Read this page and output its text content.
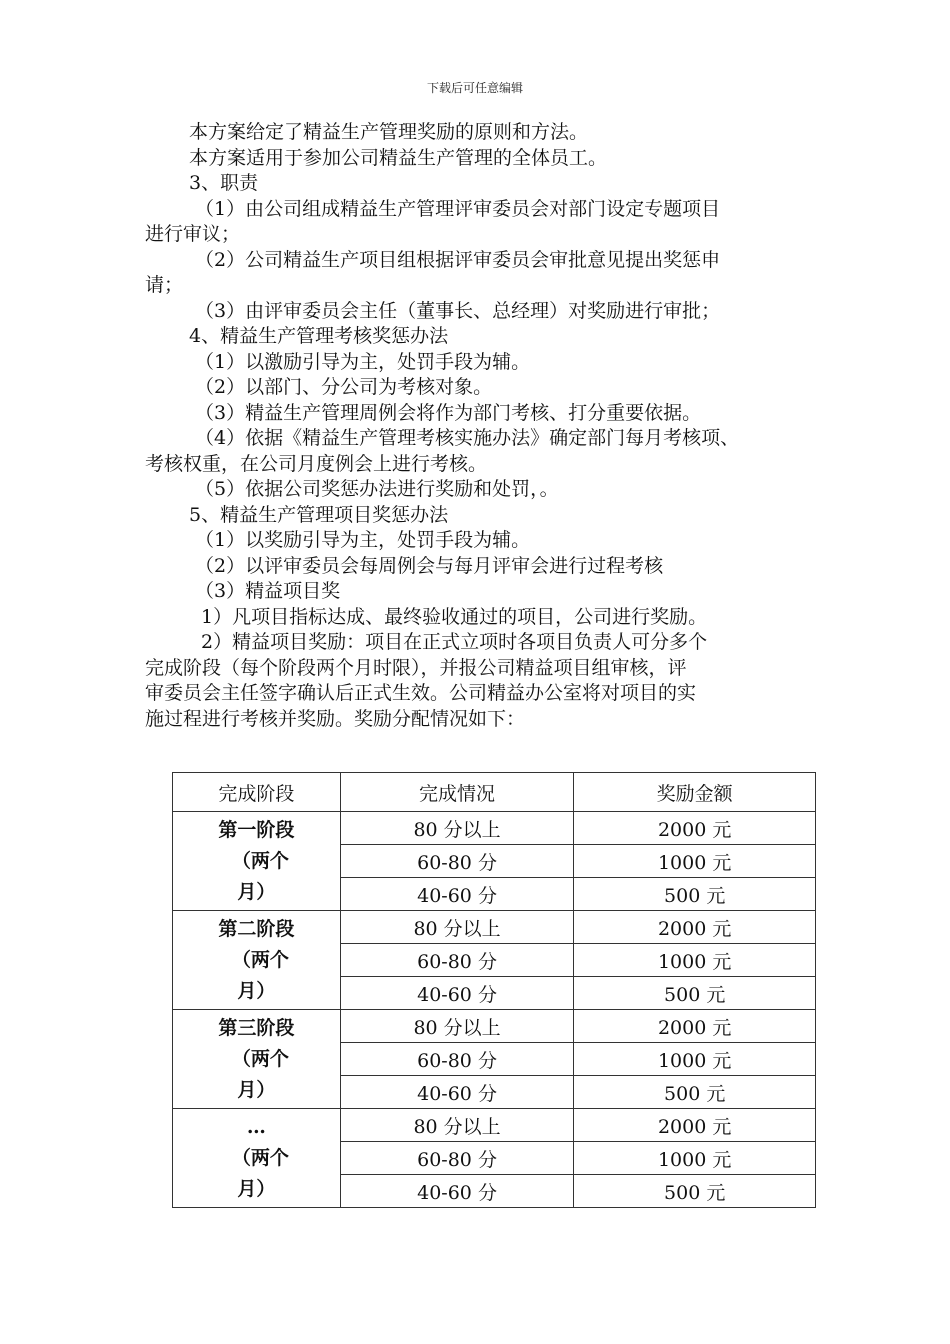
下载后可任意编辑
本方案给定了精益生产管理奖励的原则和方法。
本方案适用于参加公司精益生产管理的全体员工。
3、职责
（1）由公司组成精益生产管理评审委员会对部门设定专题项目
进行审议；
（2）公司精益生产项目组根据评审委员会审批意见提出奖惩申
请；
（3）由评审委员会主任（董事长、总经理）对奖励进行审批；
4、精益生产管理考核奖惩办法
（1）以激励引导为主，处罚手段为辅。
（2）以部门、分公司为考核对象。
（3）精益生产管理周例会将作为部门考核、打分重要依据。
（4）依据《精益生产管理考核实施办法》确定部门每月考核项、
考核权重，在公司月度例会上进行考核。
（5）依据公司奖惩办法进行奖励和处罚，。
5、精益生产管理项目奖惩办法
（1）以奖励引导为主，处罚手段为辅。
（2）以评审委员会每周例会与每月评审会进行过程考核
（3）精益项目奖
1）凡项目指标达成、最终验收通过的项目，公司进行奖励。
2）精益项目奖励：项目在正式立项时各项目负责人可分多个
完成阶段（每个阶段两个月时限），并报公司精益项目组审核，评
审委员会主任签字确认后正式生效。公司精益办公室将对项目的实
施过程进行考核并奖励。奖励分配情况如下：
完成阶段	完成情况	奖励金额
第一阶段
（两个
月）	80 分以上	2000 元
	60-80 分	1000 元
	40-60 分	500 元
第二阶段
（两个
月）	80 分以上	2000 元
	60-80 分	1000 元
	40-60 分	500 元
第三阶段
（两个
月）	80 分以上	2000 元
	60-80 分	1000 元
	40-60 分	500 元
…
（两个
月）	80 分以上	2000 元
	60-80 分	1000 元
	40-60 分	500 元
